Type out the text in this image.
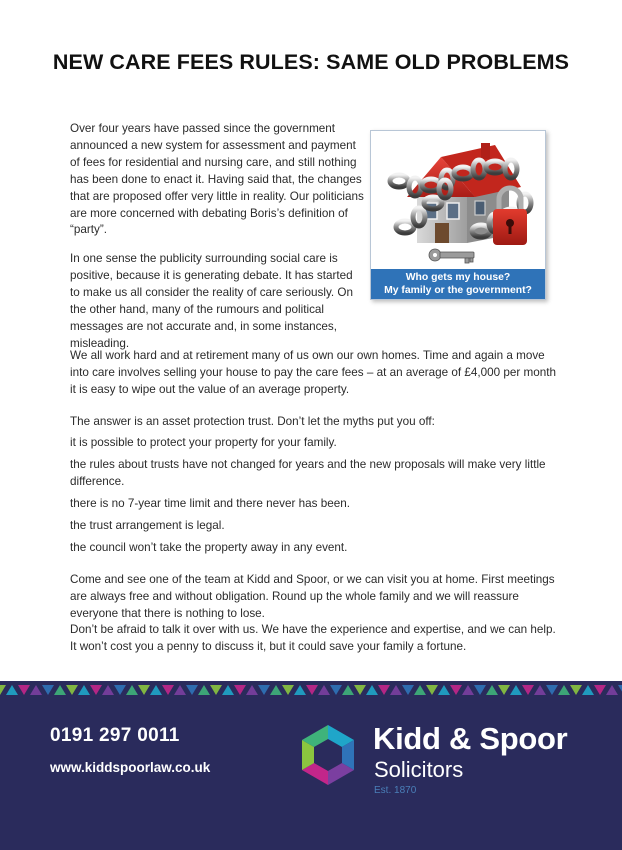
NEW CARE FEES RULES: SAME OLD PROBLEMS

Over four years have passed since the government announced a new system for assessment and payment of fees for residential and nursing care, and still nothing has been done to enact it. Having said that, the changes that are proposed offer very little in reality. Our politicians are more concerned with debating Boris’s definition of “party”.

In one sense the publicity surrounding social care is positive, because it is generating debate. It has started to make us all consider the reality of care seriously. On the other hand, many of the rumours and political messages are not accurate and, in some instances, misleading.

Who gets my house?
My family or the government?

We all work hard and at retirement many of us own our own homes. Time and again a move into care involves selling your house to pay the care fees – at an average of £4,000 per month it is easy to wipe out the value of an average property.

The answer is an asset protection trust. Don’t let the myths put you off:

it is possible to protect your property for your family.

the rules about trusts have not changed for years and the new proposals will make very little difference.

there is no 7-year time limit and there never has been.

the trust arrangement is legal.

the council won’t take the property away in any event.

Come and see one of the team at Kidd and Spoor, or we can visit you at home. First meetings are always free and without obligation. Round up the whole family and we will reassure everyone that there is nothing to lose.

Don’t be afraid to talk it over with us. We have the experience and expertise, and we can help. It won’t cost you a penny to discuss it, but it could save your family a fortune.

0191 297 0011
www.kiddspoorlaw.co.uk
Kidd & Spoor
Solicitors
Est. 1870
